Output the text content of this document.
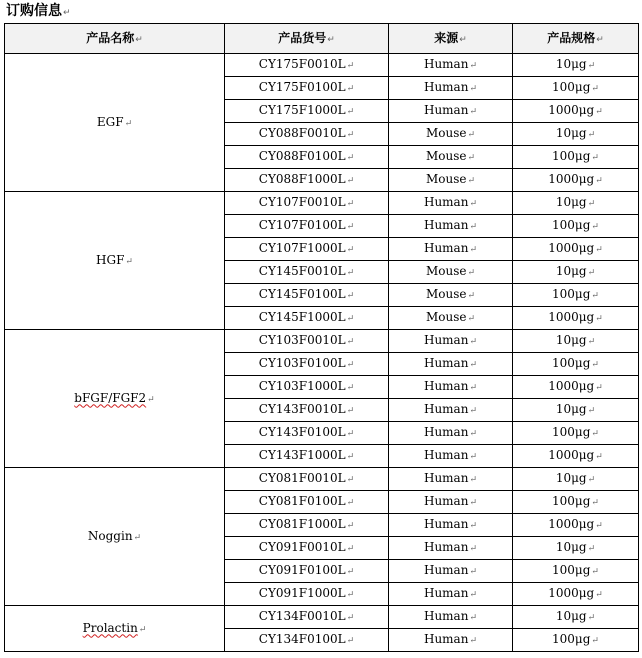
订购信息↵
产品名称↵	产品货号↵	来源↵	产品规格↵
EGF↵	CY175F0010L↵	Human↵	10μg↵
	CY175F0100L↵	Human↵	100μg↵
	CY175F1000L↵	Human↵	1000μg↵
	CY088F0010L↵	Mouse↵	10μg↵
	CY088F0100L↵	Mouse↵	100μg↵
	CY088F1000L↵	Mouse↵	1000μg↵
HGF↵	CY107F0010L↵	Human↵	10μg↵
	CY107F0100L↵	Human↵	100μg↵
	CY107F1000L↵	Human↵	1000μg↵
	CY145F0010L↵	Mouse↵	10μg↵
	CY145F0100L↵	Mouse↵	100μg↵
	CY145F1000L↵	Mouse↵	1000μg↵
bFGF/FGF2↵	CY103F0010L↵	Human↵	10μg↵
	CY103F0100L↵	Human↵	100μg↵
	CY103F1000L↵	Human↵	1000μg↵
	CY143F0010L↵	Human↵	10μg↵
	CY143F0100L↵	Human↵	100μg↵
	CY143F1000L↵	Human↵	1000μg↵
Noggin↵	CY081F0010L↵	Human↵	10μg↵
	CY081F0100L↵	Human↵	100μg↵
	CY081F1000L↵	Human↵	1000μg↵
	CY091F0010L↵	Human↵	10μg↵
	CY091F0100L↵	Human↵	100μg↵
	CY091F1000L↵	Human↵	1000μg↵
Prolactin↵	CY134F0010L↵	Human↵	10μg↵
	CY134F0100L↵	Human↵	100μg↵
